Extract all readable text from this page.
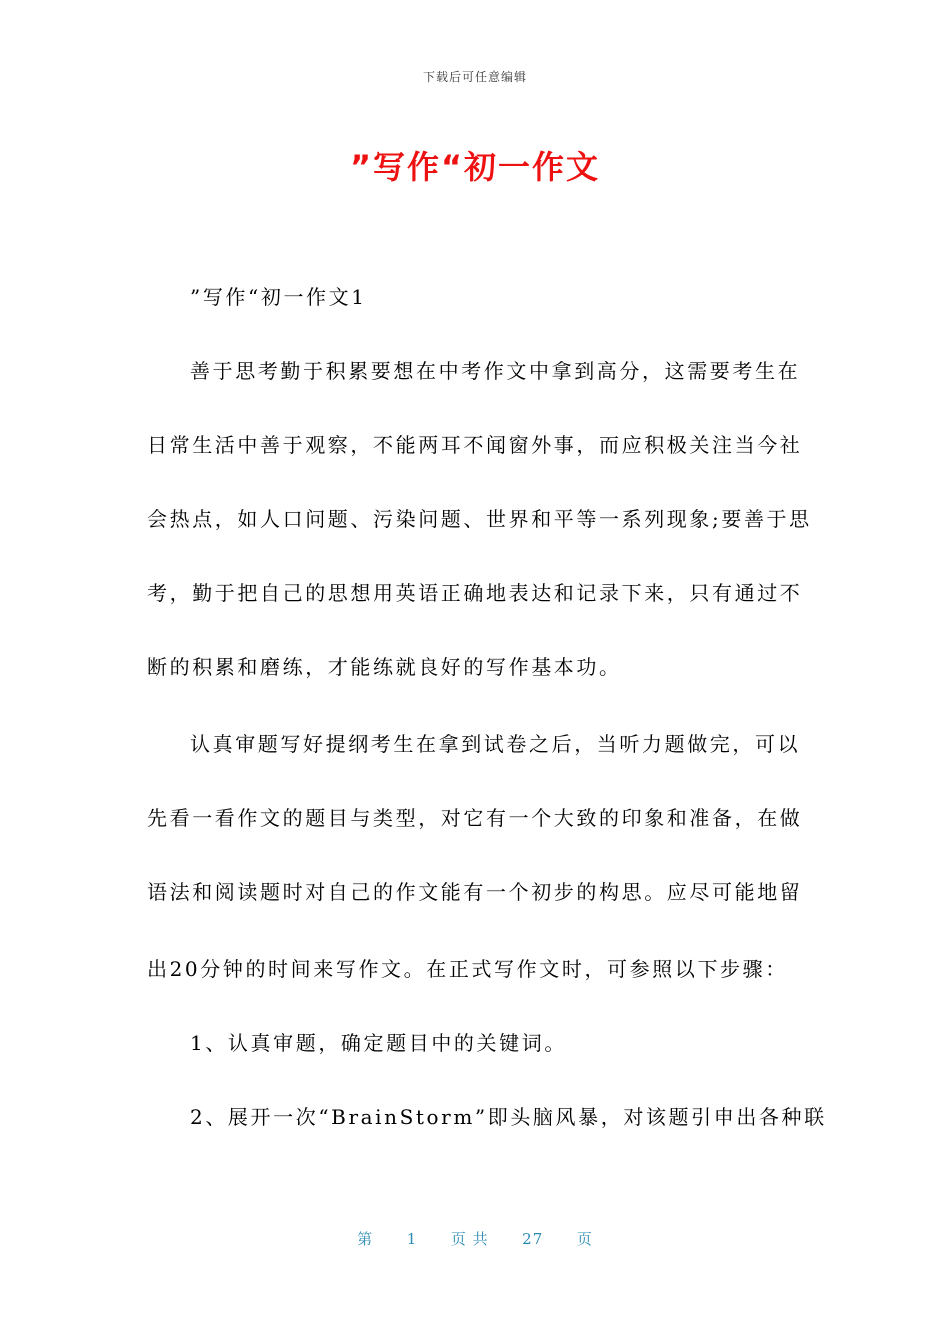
下载后可任意编辑
”写作“初一作文
”写作“初一作文1
善于思考勤于积累要想在中考作文中拿到高分，这需要考生在
日常生活中善于观察，不能两耳不闻窗外事，而应积极关注当今社
会热点，如人口问题、污染问题、世界和平等一系列现象;要善于思
考，勤于把自己的思想用英语正确地表达和记录下来，只有通过不
断的积累和磨练，才能练就良好的写作基本功。
认真审题写好提纲考生在拿到试卷之后，当听力题做完，可以
先看一看作文的题目与类型，对它有一个大致的印象和准备，在做
语法和阅读题时对自己的作文能有一个初步的构思。应尽可能地留
出20分钟的时间来写作文。在正式写作文时，可参照以下步骤：
1、认真审题，确定题目中的关键词。
2、展开一次“BrainStorm”即头脑风暴，对该题引申出各种联
第 1 页 共 27 页
